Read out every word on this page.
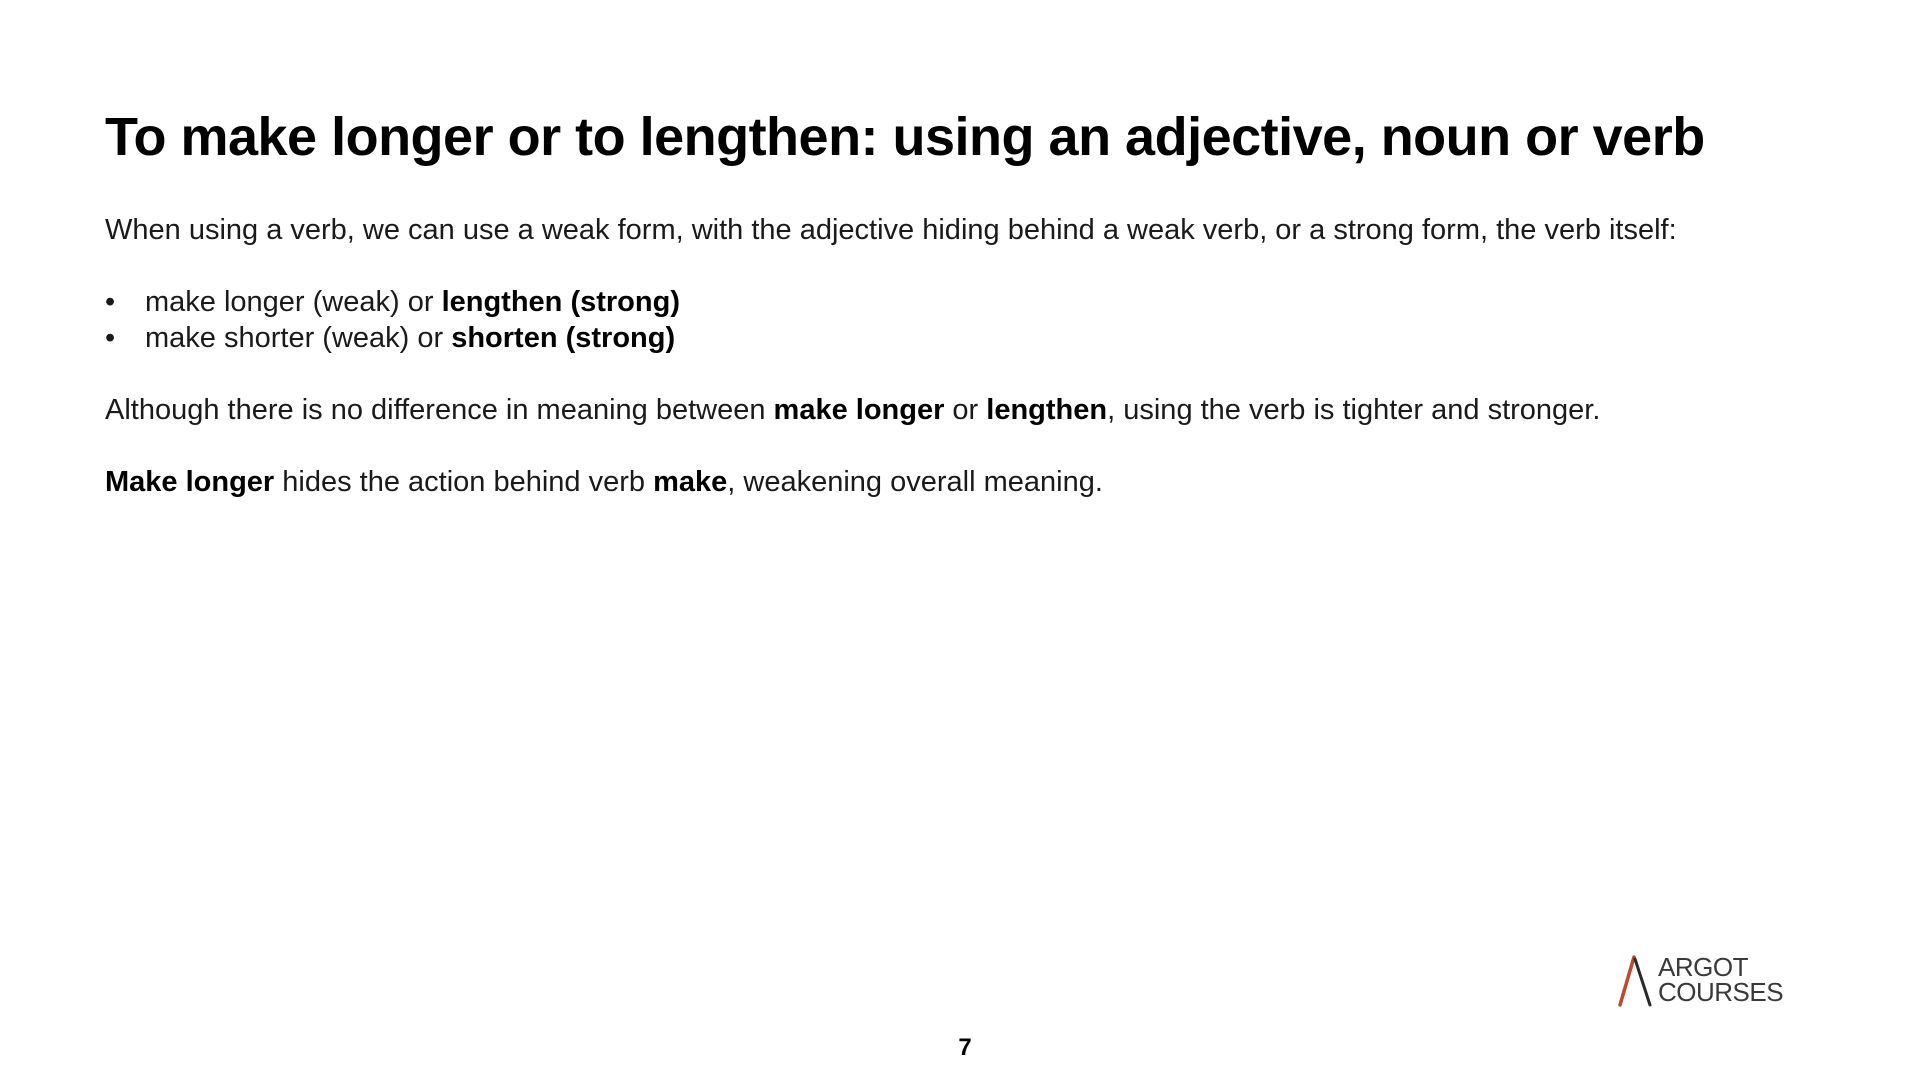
To make longer or to lengthen: using an adjective, noun or verb

When using a verb, we can use a weak form, with the adjective hiding behind a weak verb, or a strong form, the verb itself:

• make longer (weak) or lengthen (strong)
• make shorter (weak) or shorten (strong)

Although there is no difference in meaning between make longer or lengthen, using the verb is tighter and stronger.

Make longer hides the action behind verb make, weakening overall meaning.

ARGOT
COURSES
7
